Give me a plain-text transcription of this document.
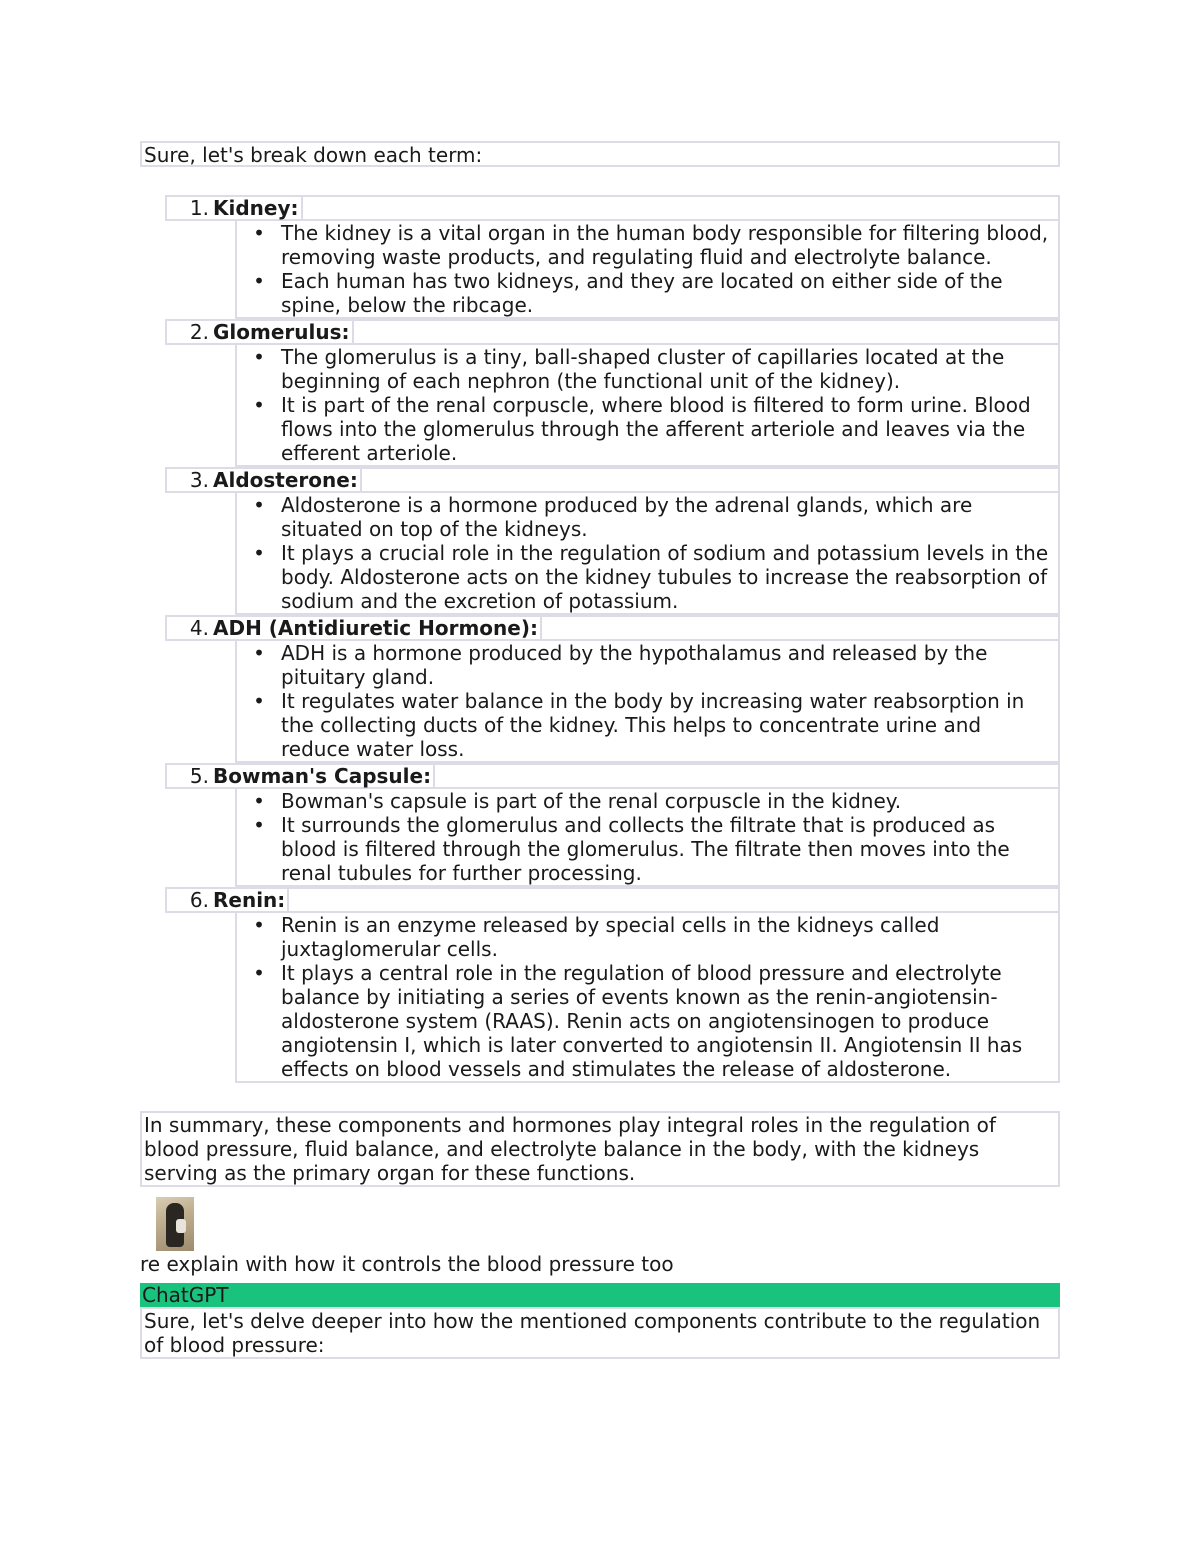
Sure, let's break down each term:
1. Kidney:
• The kidney is a vital organ in the human body responsible for filtering blood, removing waste products, and regulating fluid and electrolyte balance.
• Each human has two kidneys, and they are located on either side of the spine, below the ribcage.
2. Glomerulus:
• The glomerulus is a tiny, ball-shaped cluster of capillaries located at the beginning of each nephron (the functional unit of the kidney).
• It is part of the renal corpuscle, where blood is filtered to form urine. Blood flows into the glomerulus through the afferent arteriole and leaves via the efferent arteriole.
3. Aldosterone:
• Aldosterone is a hormone produced by the adrenal glands, which are situated on top of the kidneys.
• It plays a crucial role in the regulation of sodium and potassium levels in the body. Aldosterone acts on the kidney tubules to increase the reabsorption of sodium and the excretion of potassium.
4. ADH (Antidiuretic Hormone):
• ADH is a hormone produced by the hypothalamus and released by the pituitary gland.
• It regulates water balance in the body by increasing water reabsorption in the collecting ducts of the kidney. This helps to concentrate urine and reduce water loss.
5. Bowman's Capsule:
• Bowman's capsule is part of the renal corpuscle in the kidney.
• It surrounds the glomerulus and collects the filtrate that is produced as blood is filtered through the glomerulus. The filtrate then moves into the renal tubules for further processing.
6. Renin:
• Renin is an enzyme released by special cells in the kidneys called juxtaglomerular cells.
• It plays a central role in the regulation of blood pressure and electrolyte balance by initiating a series of events known as the renin-angiotensin-aldosterone system (RAAS). Renin acts on angiotensinogen to produce angiotensin I, which is later converted to angiotensin II. Angiotensin II has effects on blood vessels and stimulates the release of aldosterone.
In summary, these components and hormones play integral roles in the regulation of blood pressure, fluid balance, and electrolyte balance in the body, with the kidneys serving as the primary organ for these functions.
re explain with how it controls the blood pressure too
ChatGPT
Sure, let's delve deeper into how the mentioned components contribute to the regulation of blood pressure:
